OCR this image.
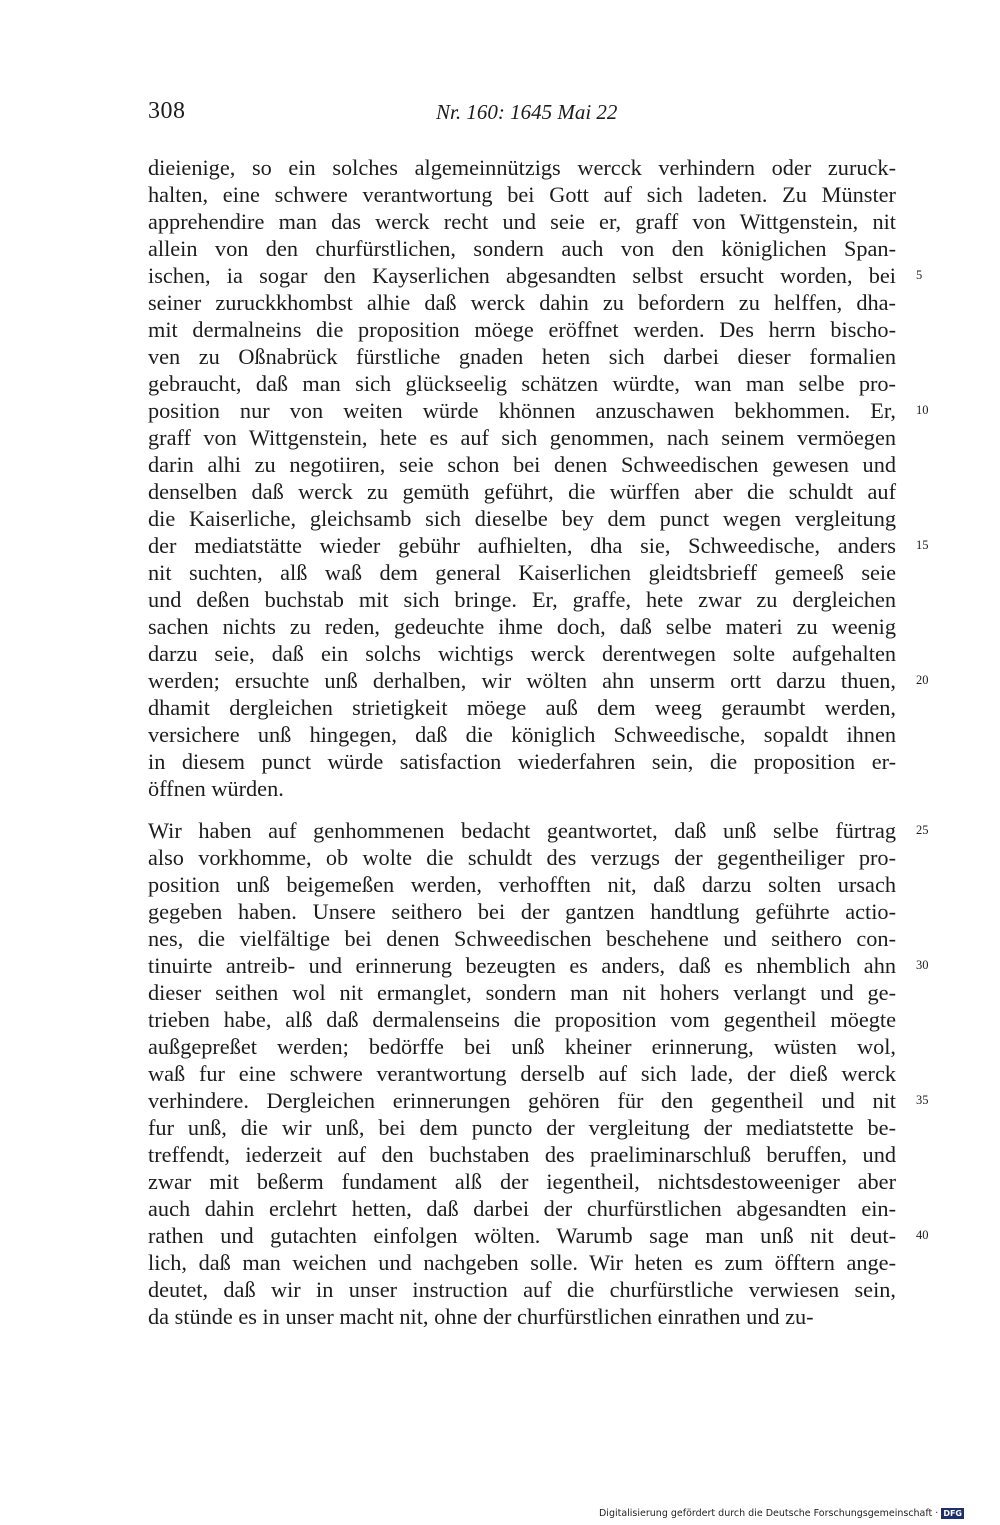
308	Nr. 160: 1645 Mai 22
dieienige, so ein solches algemeinnützigs wercck verhindern oder zuruck-
halten, eine schwere verantwortung bei Gott auf sich ladeten. Zu Münster
apprehendire man das werck recht und seie er, graff von Wittgenstein, nit
allein von den churfürstlichen, sondern auch von den königlichen Span-
ischen, ia sogar den Kayserlichen abgesandten selbst ersucht worden, bei 5
seiner zuruckkhombst alhie daß werck dahin zu befordern zu helffen, dha-
mit dermalneins die proposition möege eröffnet werden. Des herrn bischo-
ven zu Oßnabrück fürstliche gnaden heten sich darbei dieser formalien
gebraucht, daß man sich glückseelig schätzen würdte, wan man selbe pro-
position nur von weiten würde khönnen anzuschawen bekhommen. Er, 10
graff von Wittgenstein, hete es auf sich genommen, nach seinem vermöegen
darin alhi zu negotiiren, seie schon bei denen Schweedischen gewesen und
denselben daß werck zu gemüth geführt, die würffen aber die schuldt auf
die Kaiserliche, gleichsamb sich dieselbe bey dem punct wegen vergleitung
der mediatstätte wieder gebühr aufhielten, dha sie, Schweedische, anders 15
nit suchten, alß waß dem general Kaiserlichen gleidtsbrieff gemeeß seie
und deßen buchstab mit sich bringe. Er, graffe, hete zwar zu dergleichen
sachen nichts zu reden, gedeuchte ihme doch, daß selbe materi zu weenig
darzu seie, daß ein solchs wichtigs werck derentwegen solte aufgehalten
werden; ersuchte unß derhalben, wir wölten ahn unserm ortt darzu thuen, 20
dhamit dergleichen strietigkeit möege auß dem weeg geraumbt werden,
versichere unß hingegen, daß die königlich Schweedische, sopaldt ihnen
in diesem punct würde satisfaction wiederfahren sein, die proposition er-
öffnen würden.
Wir haben auf genhommenen bedacht geantwortet, daß unß selbe fürtrag 25
also vorkhomme, ob wolte die schuldt des verzugs der gegentheiliger pro-
position unß beigemeßen werden, verhofften nit, daß darzu solten ursach
gegeben haben. Unsere seithero bei der gantzen handtlung geführte actio-
nes, die vielfältige bei denen Schweedischen beschehene und seithero con-
tinuirte antreib- und erinnerung bezeugten es anders, daß es nhemblich ahn 30
dieser seithen wol nit ermanglet, sondern man nit hohers verlangt und ge-
trieben habe, alß daß dermalenseins die proposition vom gegentheil möegte
außgepreßet werden; bedörffe bei unß kheiner erinnerung, wüsten wol,
waß fur eine schwere verantwortung derselb auf sich lade, der dieß werck
verhindere. Dergleichen erinnerungen gehören für den gegentheil und nit 35
fur unß, die wir unß, bei dem puncto der vergleitung der mediatstette be-
treffendt, iederzeit auf den buchstaben des praeliminarschluß beruffen, und
zwar mit beßerm fundament alß der iegentheil, nichtsdestoweeniger aber
auch dahin erclehrt hetten, daß darbei der churfürstlichen abgesandten ein-
rathen und gutachten einfolgen wölten. Warumb sage man unß nit deut- 40
lich, daß man weichen und nachgeben solle. Wir heten es zum öfftern ange-
deutet, daß wir in unser instruction auf die churfürstliche verwiesen sein,
da stünde es in unser macht nit, ohne der churfürstlichen einrathen und zu-
Digitalisierung gefördert durch die Deutsche Forschungsgemeinschaft · DFG
